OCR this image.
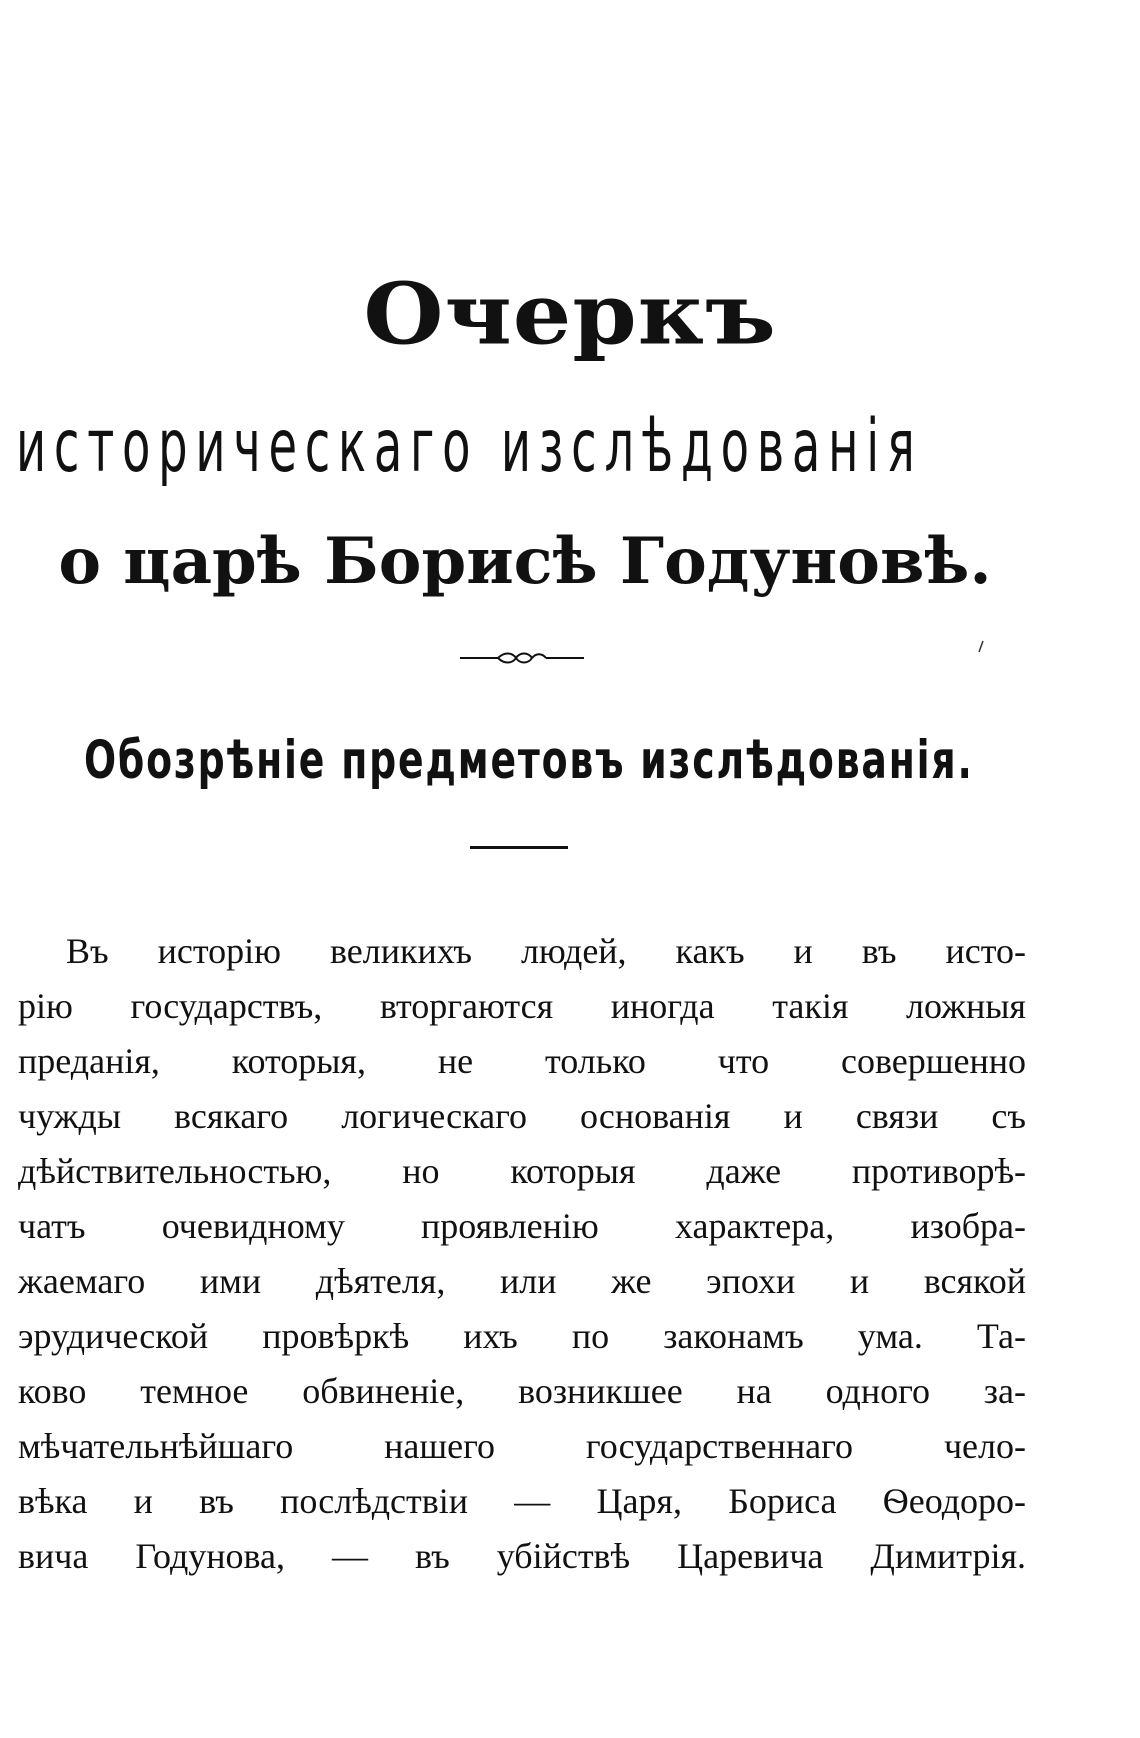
Очеркъ
историческаго изслѣдованія
о царѣ Борисѣ Годуновѣ.
Обозрѣніе предметовъ изслѣдованія.
Въ исторію великихъ людей, какъ и въ исто-
рію государствъ, вторгаются иногда такія ложныя
преданія, которыя, не только что совершенно
чужды всякаго логическаго основанія и связи съ
дѣйствительностью, но которыя даже противорѣ-
чатъ очевидному проявленію характера, изобра-
жаемаго ими дѣятеля, или же эпохи и всякой
эрудической провѣркѣ ихъ по законамъ ума. Та-
ково темное обвиненіе, возникшее на одного за-
мѣчательнѣйшаго нашего государственнаго чело-
вѣка и въ послѣдствіи — Царя, Бориса Ѳеодоро-
вича Годунова, — въ убійствѣ Царевича Димитрія.
